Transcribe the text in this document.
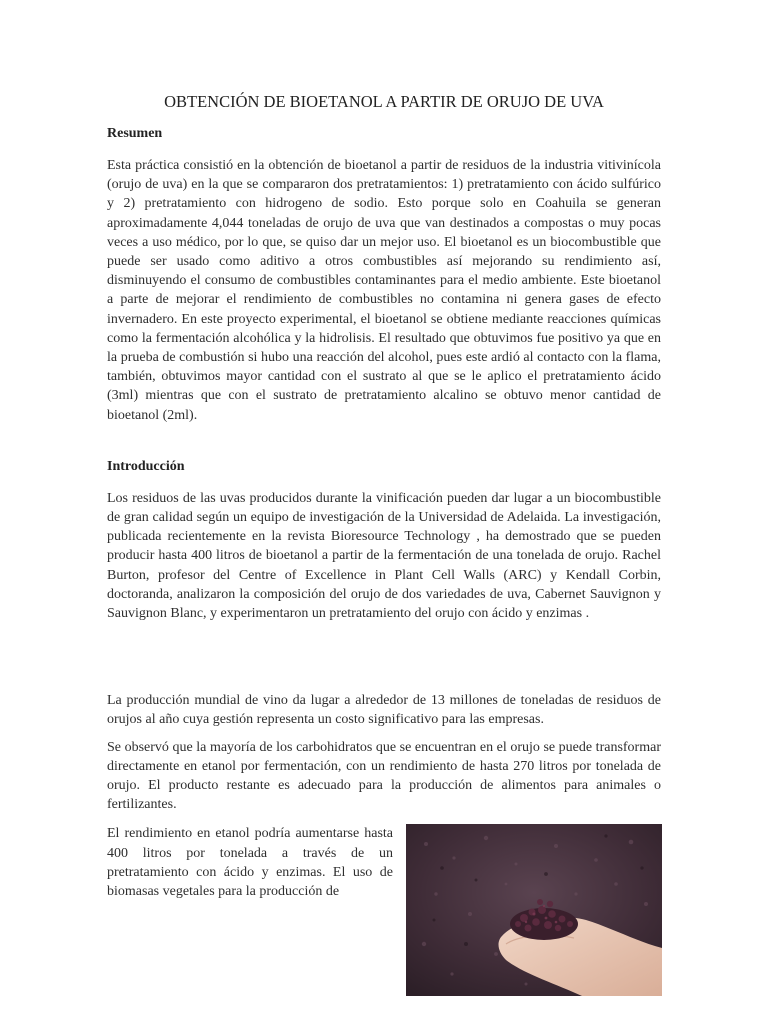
OBTENCIÓN DE BIOETANOL A PARTIR DE ORUJO DE UVA
Resumen

Esta práctica consistió en la obtención de bioetanol a partir de residuos de la industria vitivinícola (orujo de uva) en la que se compararon dos pretratamientos: 1) pretratamiento con ácido sulfúrico y 2) pretratamiento con hidrogeno de sodio. Esto porque solo en Coahuila se generan aproximadamente 4,044 toneladas de orujo de uva que van destinados a compostas o muy pocas veces a uso médico, por lo que, se quiso dar un mejor uso. El bioetanol es un biocombustible que puede ser usado como aditivo a otros combustibles así mejorando su rendimiento así, disminuyendo el consumo de combustibles contaminantes para el medio ambiente. Este bioetanol a parte de mejorar el rendimiento de combustibles no contamina ni genera gases de efecto invernadero. En este proyecto experimental, el bioetanol se obtiene mediante reacciones químicas como la fermentación alcohólica y la hidrolisis. El resultado que obtuvimos fue positivo ya que en la prueba de combustión si hubo una reacción del alcohol, pues este ardió al contacto con la flama, también, obtuvimos mayor cantidad con el sustrato al que se le aplico el pretratamiento ácido (3ml) mientras que con el sustrato de pretratamiento alcalino se obtuvo menor cantidad de bioetanol (2ml).

Introducción

Los residuos de las uvas producidos durante la vinificación pueden dar lugar a un biocombustible de gran calidad según un equipo de investigación de la Universidad de Adelaida. La investigación, publicada recientemente en la revista Bioresource Technology , ha demostrado que se pueden producir hasta 400 litros de bioetanol a partir de la fermentación de una tonelada de orujo. Rachel Burton, profesor del Centre of Excellence in Plant Cell Walls (ARC) y Kendall Corbin, doctoranda, analizaron la composición del orujo de dos variedades de uva, Cabernet Sauvignon y Sauvignon Blanc, y experimentaron un pretratamiento del orujo con ácido y enzimas .

La producción mundial de vino da lugar a alrededor de 13 millones de toneladas de residuos de orujos al año cuya gestión representa un costo significativo para las empresas.

Se observó que la mayoría de los carbohidratos que se encuentran en el orujo se puede transformar directamente en etanol por fermentación, con un rendimiento de hasta 270 litros por tonelada de orujo. El producto restante es adecuado para la producción de alimentos para animales o fertilizantes.

El rendimiento en etanol podría aumentarse hasta 400 litros por tonelada a través de un pretratamiento con ácido y enzimas. El uso de biomasas vegetales para la producción de
